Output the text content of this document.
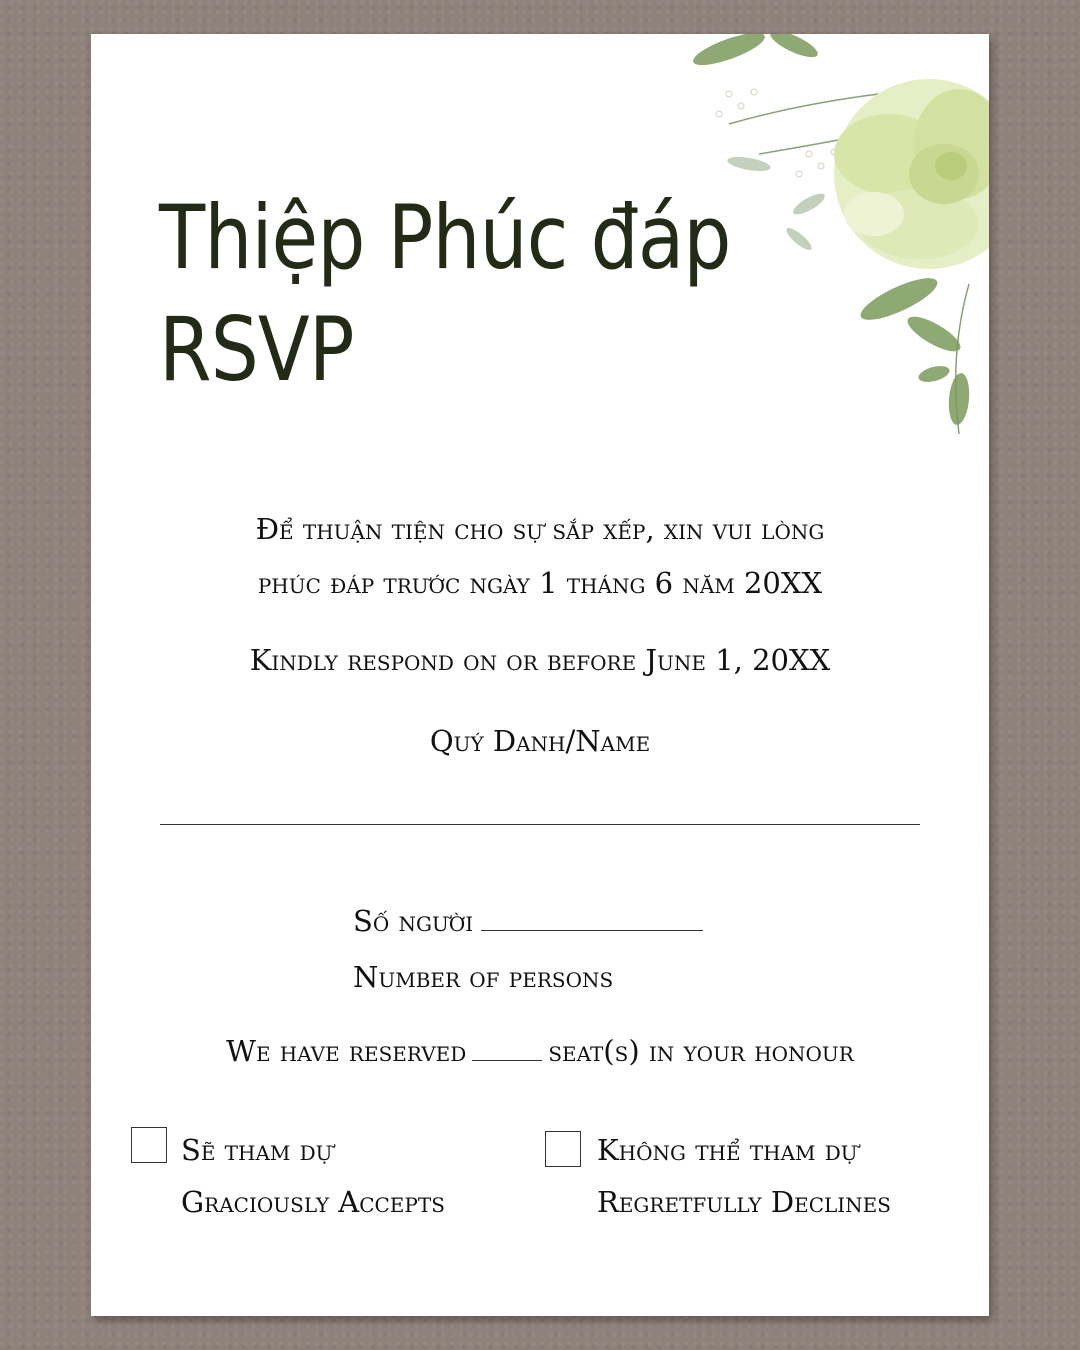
Thiệp Phúc đáp
RSVP
Để thuận tiện cho sự sắp xếp, xin vui lòng
phúc đáp trước ngày 1 tháng 6 năm 20XX
Kindly respond on or before June 1, 20XX
Quý Danh/Name
Số người
Number of persons
We have reserved	seat(s) in your honour
Sẽ tham dự
Graciously Accepts
Không thể tham dự
Regretfully Declines
